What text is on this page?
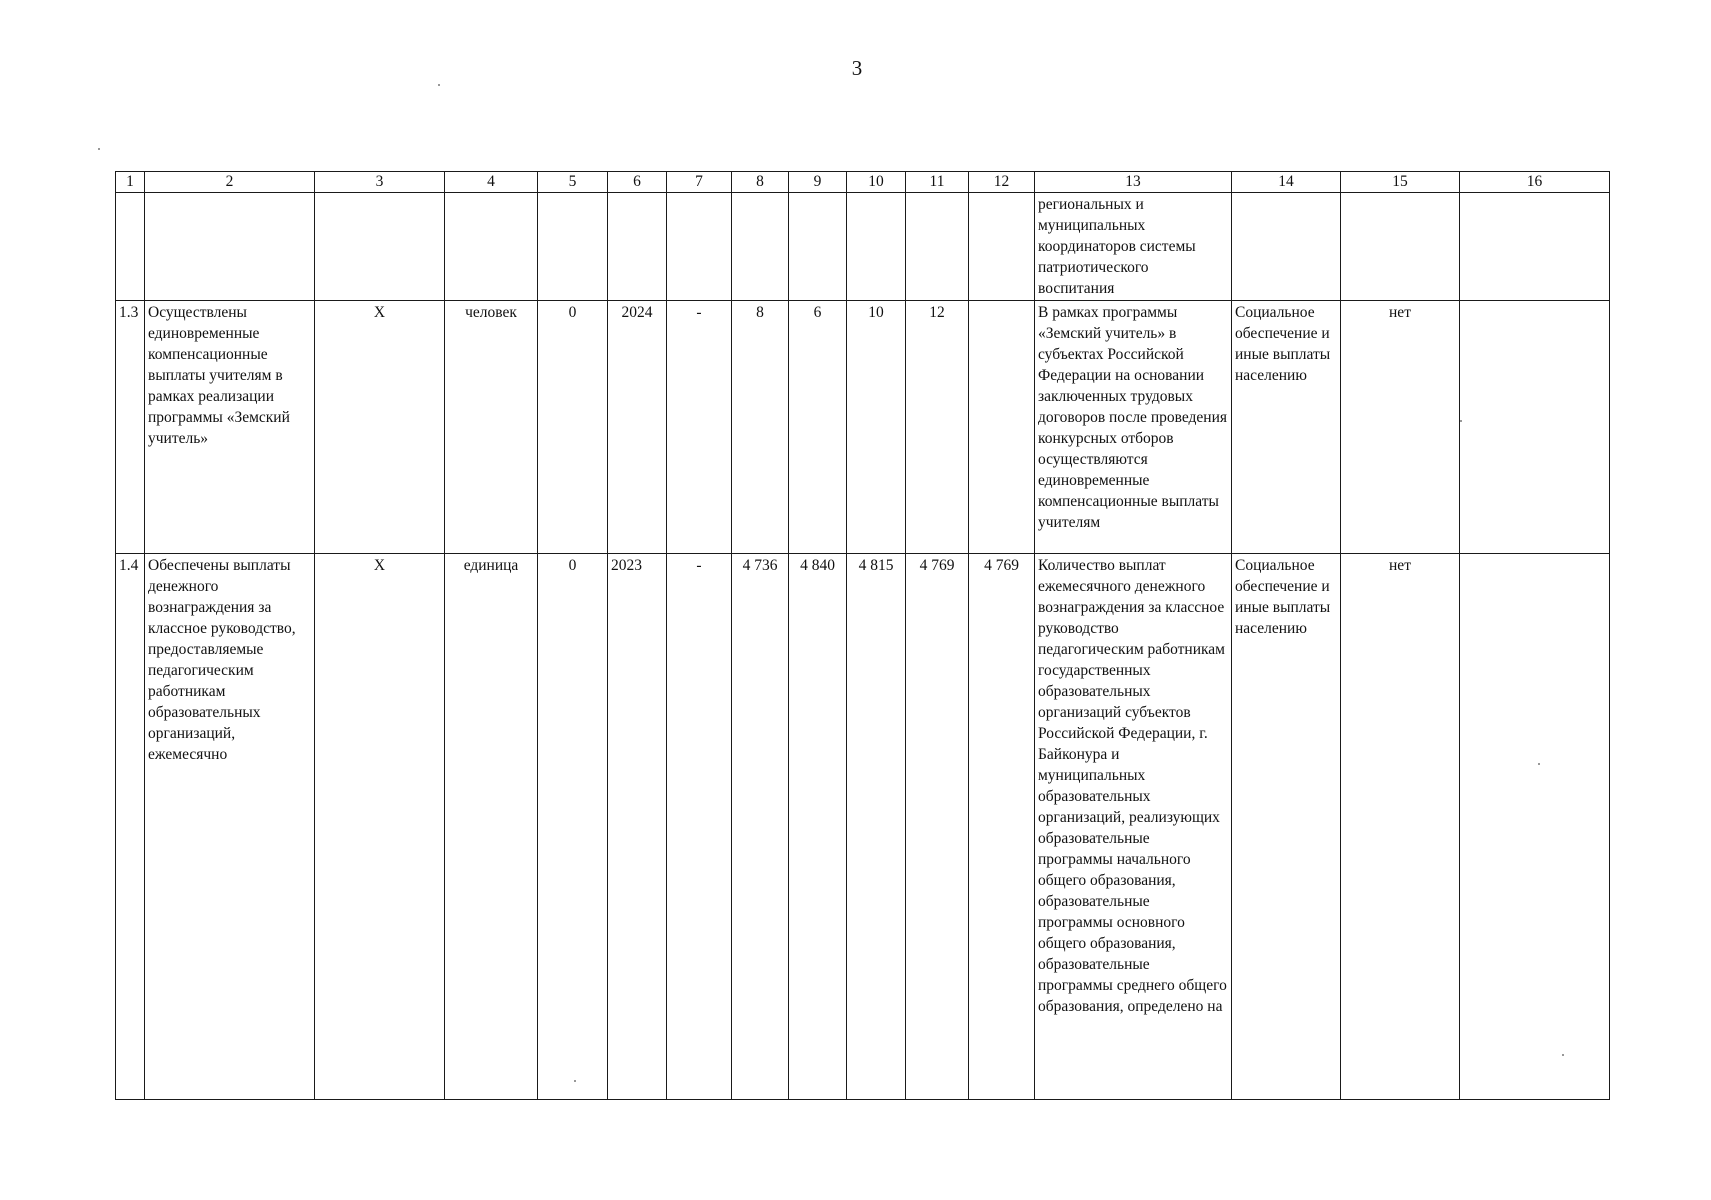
3
1	2	3	4	5	6	7	8	9	10	11	12	13	14	15	16
												региональных и муниципальных координаторов системы патриотического воспитания			
1.3	Осуществлены единовременные компенсационные выплаты учителям в рамках реализации программы «Земский учитель»	X	человек	0	2024	-	8	6	10	12		В рамках программы «Земский учитель» в субъектах Российской Федерации на основании заключенных трудовых договоров после проведения конкурсных отборов осуществляются единовременные компенсационные выплаты учителям	Социальное обеспечение и иные выплаты населению	нет	
1.4	Обеспечены выплаты денежного вознаграждения за классное руководство, предоставляемые педагогическим работникам образовательных организаций, ежемесячно	X	единица	0	2023	-	4 736	4 840	4 815	4 769	4 769	Количество выплат ежемесячного денежного вознаграждения за классное руководство педагогическим работникам государственных образовательных организаций субъектов Российской Федерации, г. Байконура и муниципальных образовательных организаций, реализующих образовательные программы начального общего образования, образовательные программы основного общего образования, образовательные программы среднего общего образования, определено на	Социальное обеспечение и иные выплаты населению	нет	
